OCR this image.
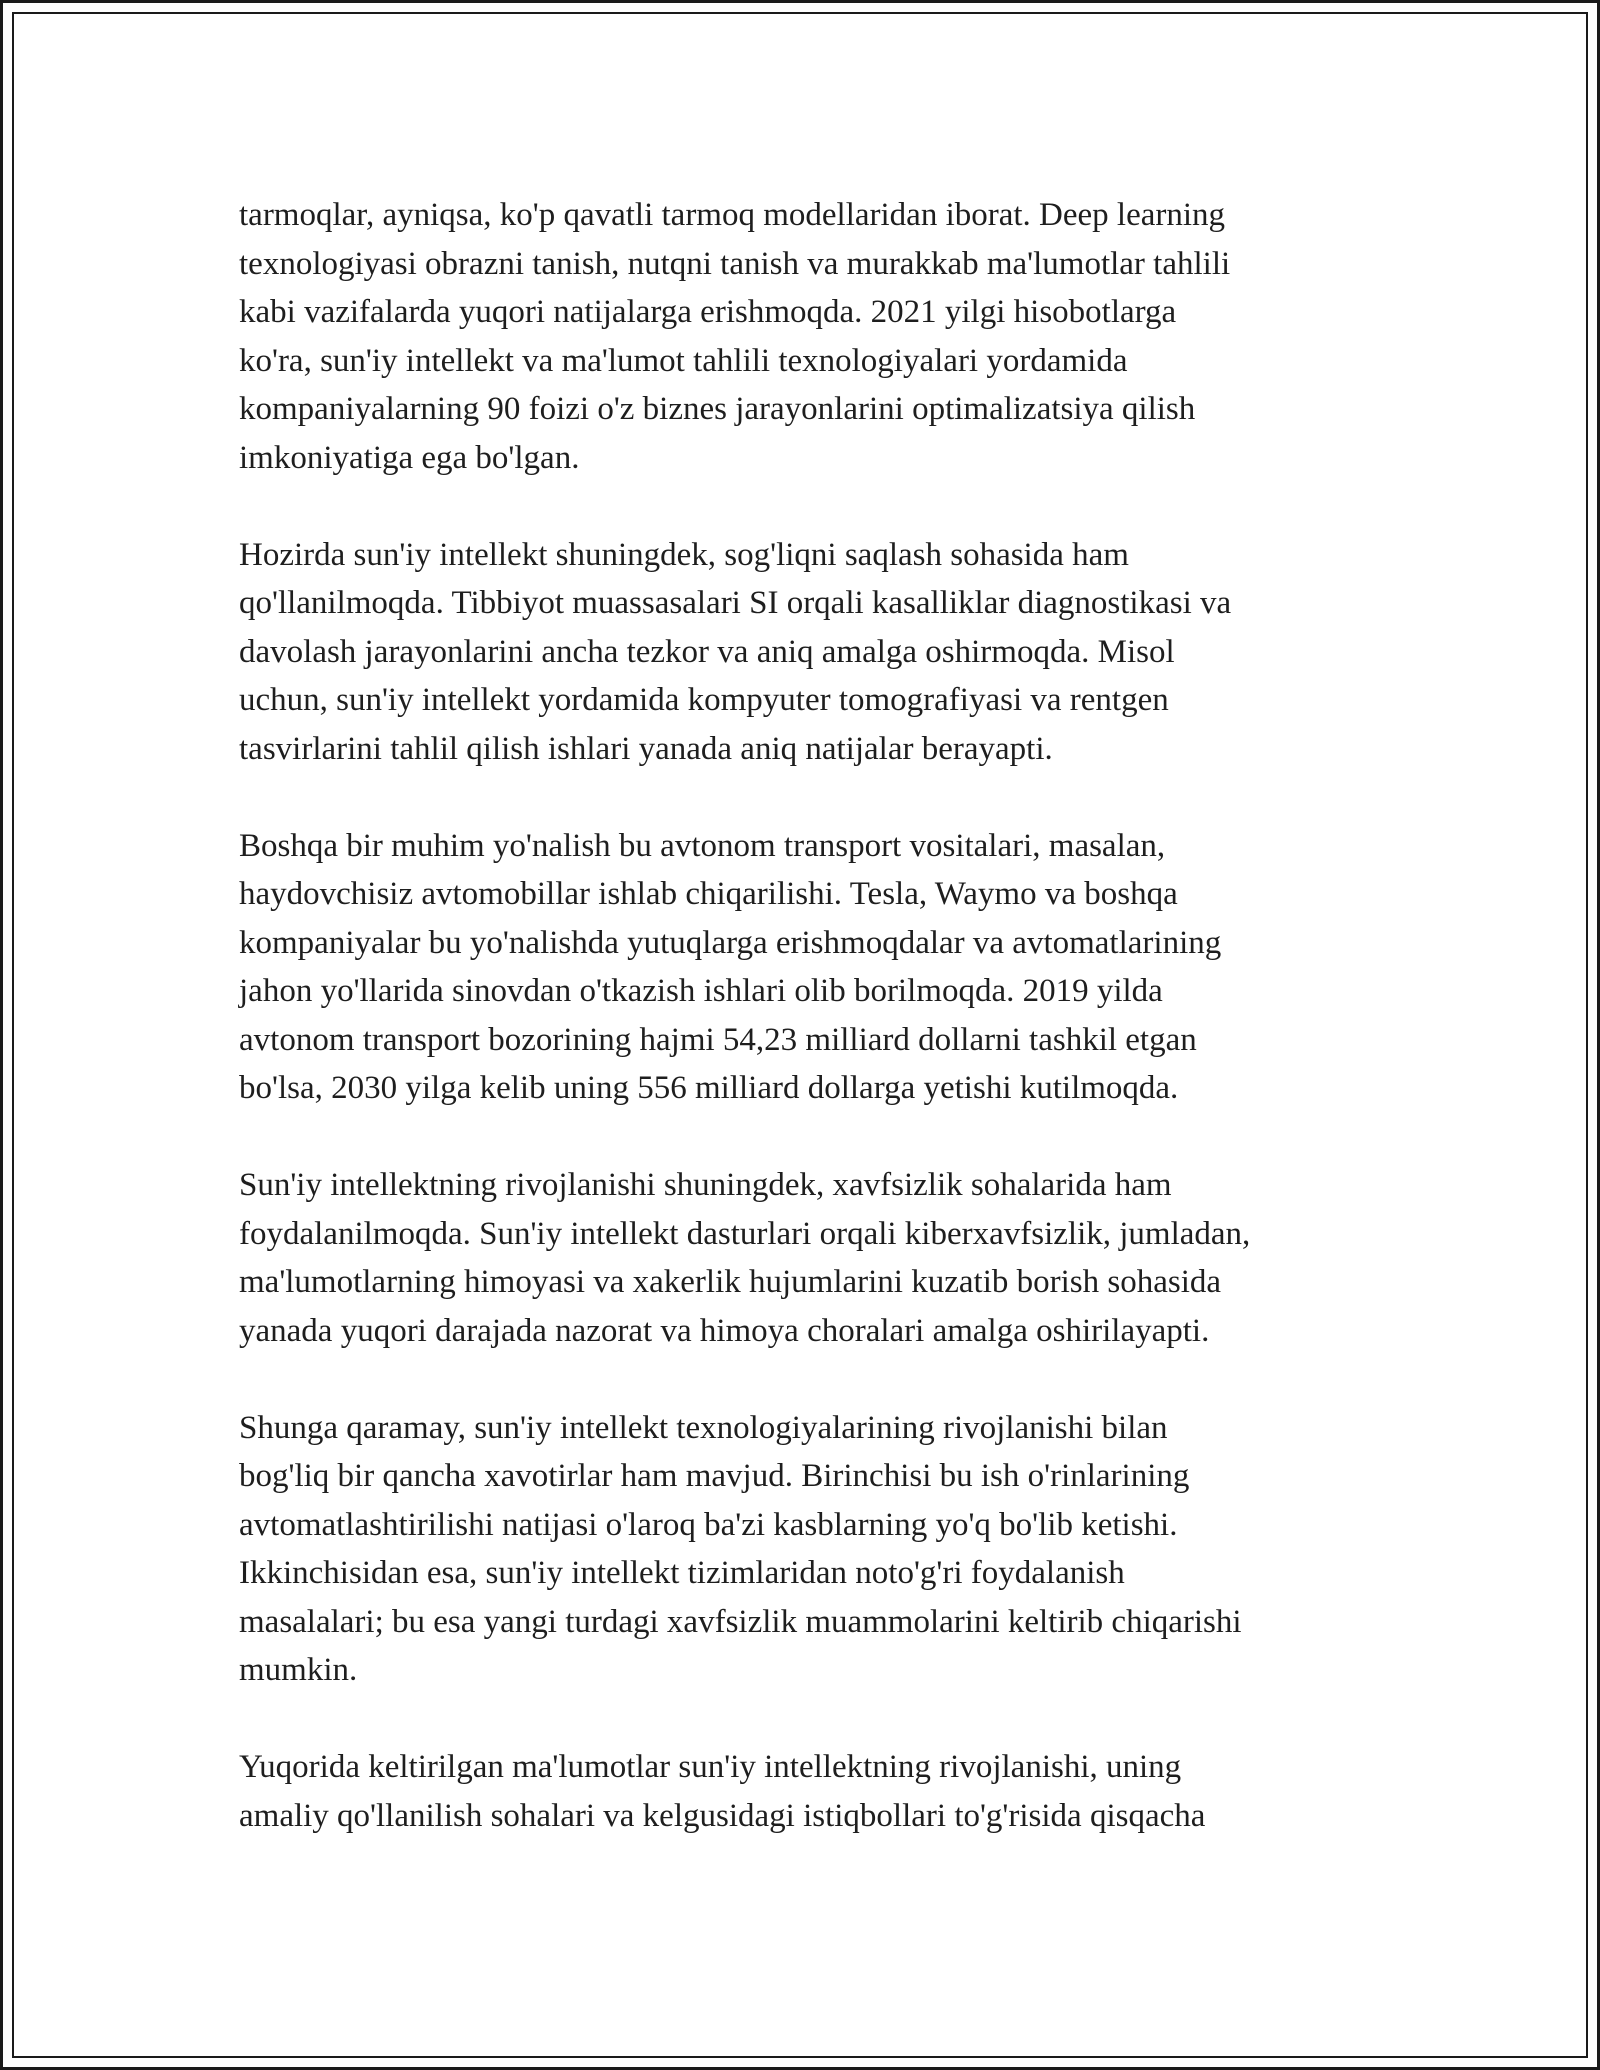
tarmoqlar, ayniqsa, ko'p qavatli tarmoq modellaridan iborat. Deep learning
texnologiyasi obrazni tanish, nutqni tanish va murakkab ma'lumotlar tahlili
kabi vazifalarda yuqori natijalarga erishmoqda. 2021 yilgi hisobotlarga
ko'ra, sun'iy intellekt va ma'lumot tahlili texnologiyalari yordamida
kompaniyalarning 90 foizi o'z biznes jarayonlarini optimalizatsiya qilish
imkoniyatiga ega bo'lgan.

Hozirda sun'iy intellekt shuningdek, sog'liqni saqlash sohasida ham
qo'llanilmoqda. Tibbiyot muassasalari SI orqali kasalliklar diagnostikasi va
davolash jarayonlarini ancha tezkor va aniq amalga oshirmoqda. Misol
uchun, sun'iy intellekt yordamida kompyuter tomografiyasi va rentgen
tasvirlarini tahlil qilish ishlari yanada aniq natijalar berayapti.

Boshqa bir muhim yo'nalish bu avtonom transport vositalari, masalan,
haydovchisiz avtomobillar ishlab chiqarilishi. Tesla, Waymo va boshqa
kompaniyalar bu yo'nalishda yutuqlarga erishmoqdalar va avtomatlarining
jahon yo'llarida sinovdan o'tkazish ishlari olib borilmoqda. 2019 yilda
avtonom transport bozorining hajmi 54,23 milliard dollarni tashkil etgan
bo'lsa, 2030 yilga kelib uning 556 milliard dollarga yetishi kutilmoqda.

Sun'iy intellektning rivojlanishi shuningdek, xavfsizlik sohalarida ham
foydalanilmoqda. Sun'iy intellekt dasturlari orqali kiberxavfsizlik, jumladan,
ma'lumotlarning himoyasi va xakerlik hujumlarini kuzatib borish sohasida
yanada yuqori darajada nazorat va himoya choralari amalga oshirilayapti.

Shunga qaramay, sun'iy intellekt texnologiyalarining rivojlanishi bilan
bog'liq bir qancha xavotirlar ham mavjud. Birinchisi bu ish o'rinlarining
avtomatlashtirilishi natijasi o'laroq ba'zi kasblarning yo'q bo'lib ketishi.
Ikkinchisidan esa, sun'iy intellekt tizimlaridan noto'g'ri foydalanish
masalalari; bu esa yangi turdagi xavfsizlik muammolarini keltirib chiqarishi
mumkin.

Yuqorida keltirilgan ma'lumotlar sun'iy intellektning rivojlanishi, uning
amaliy qo'llanilish sohalari va kelgusidagi istiqbollari to'g'risida qisqacha
